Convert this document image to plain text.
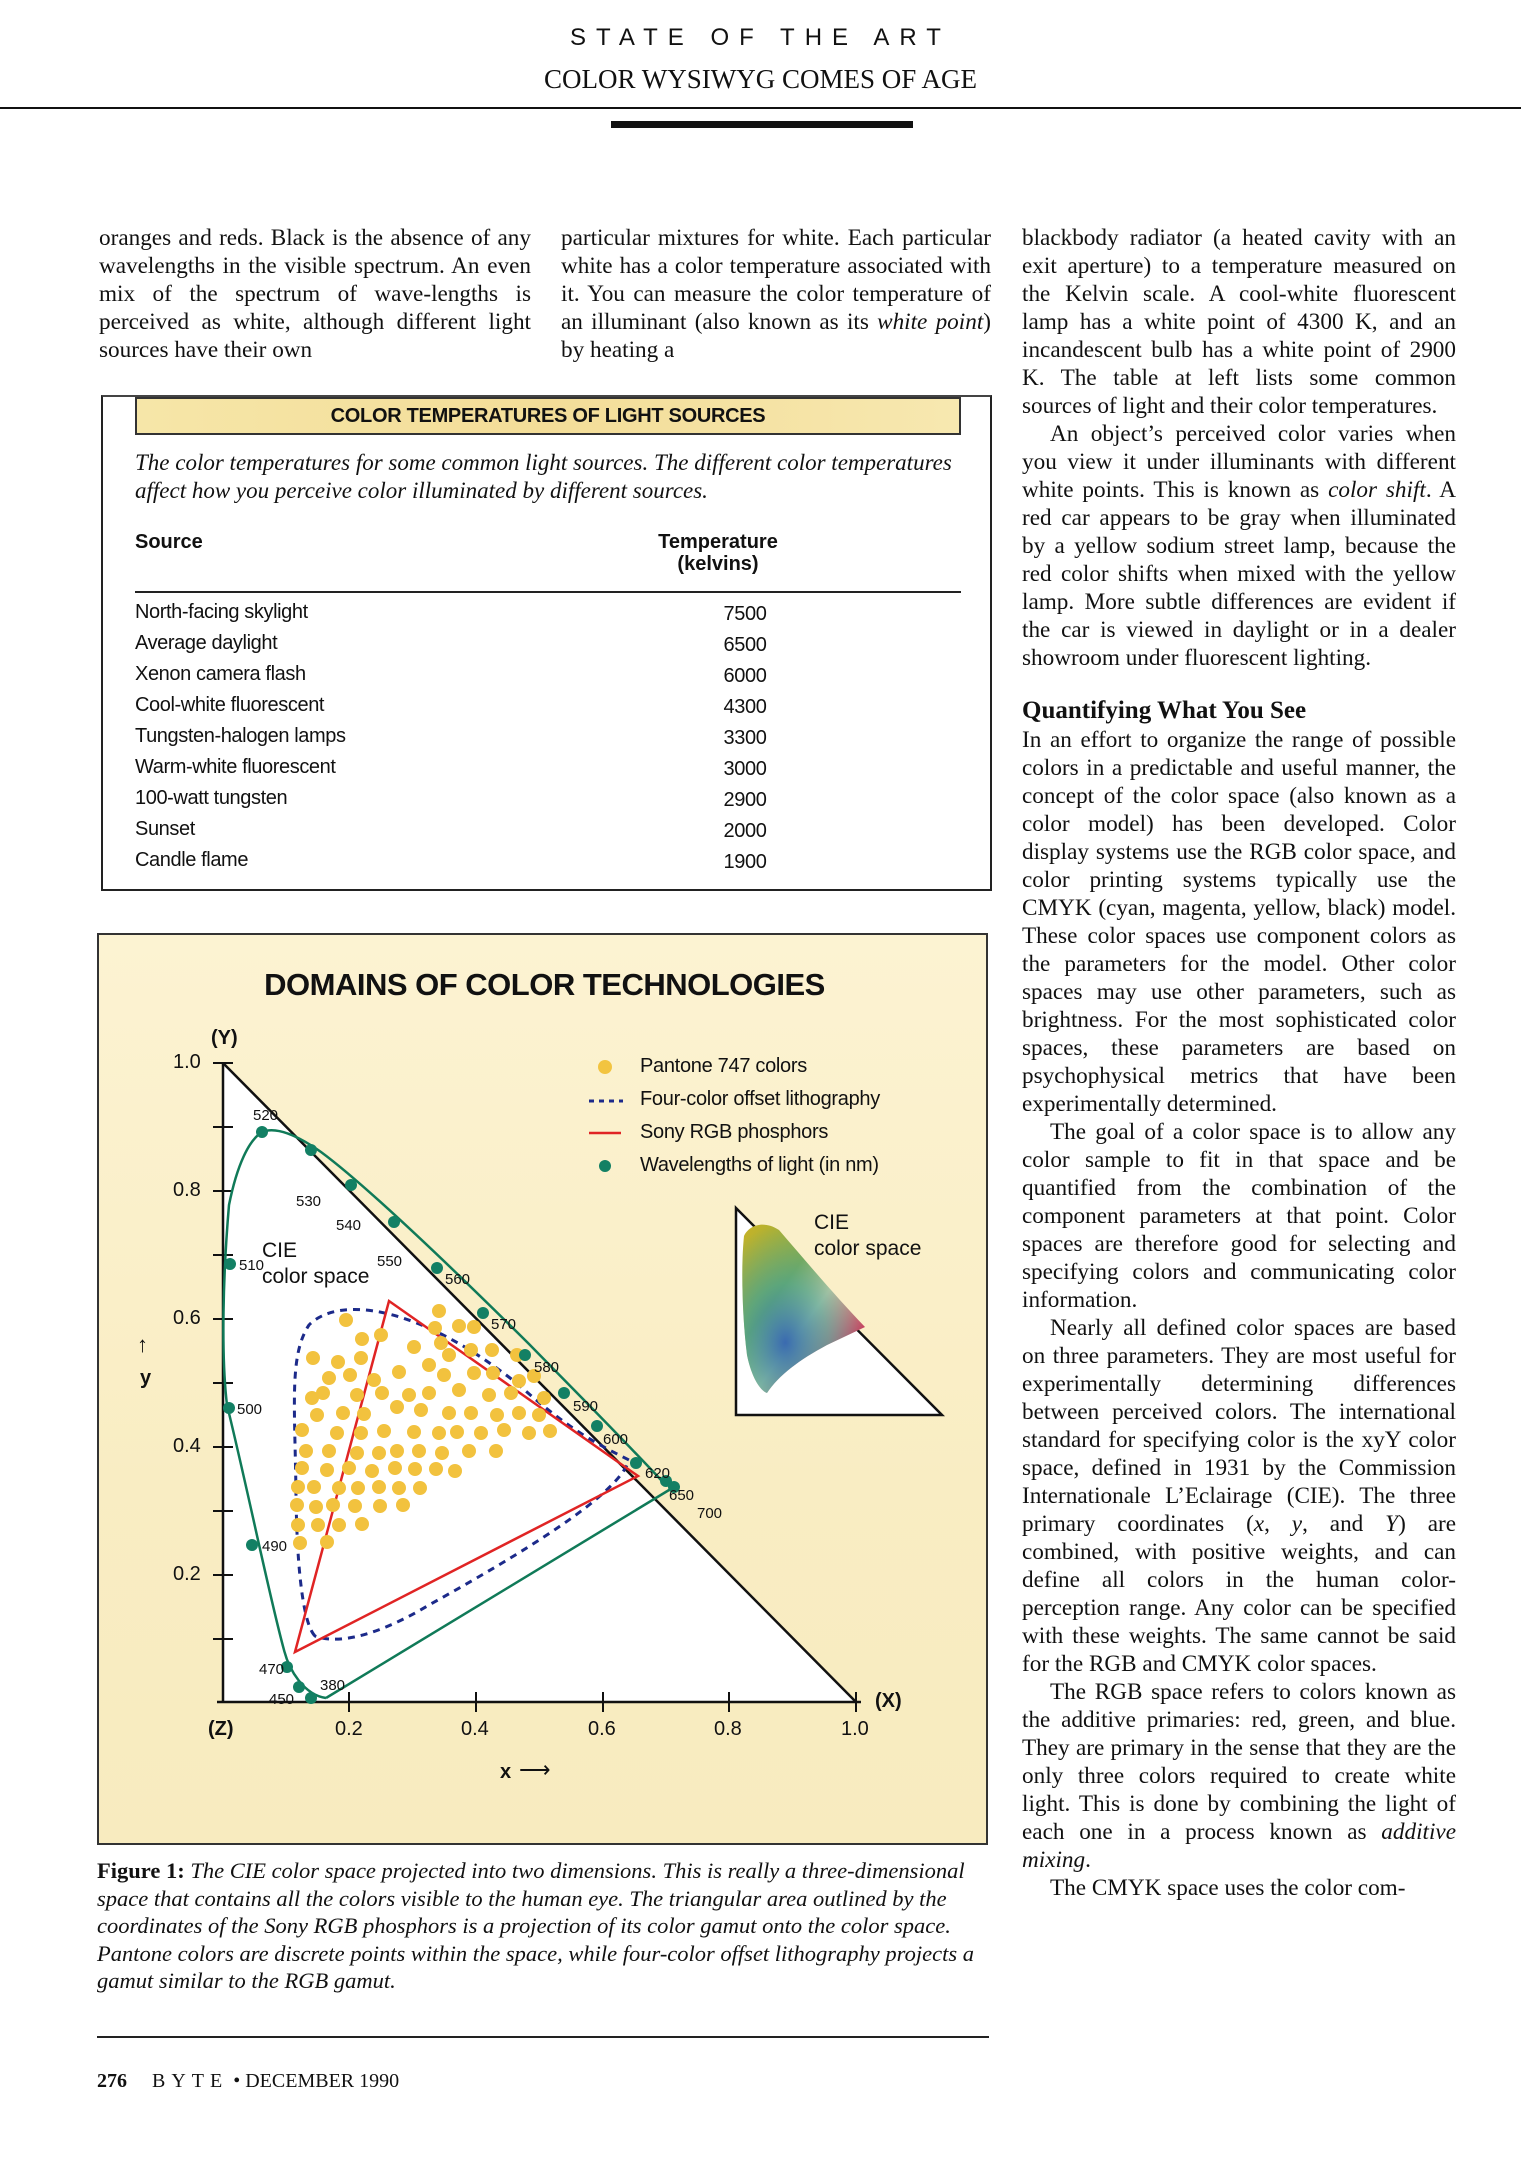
STATE OF THE ART
COLOR WYSIWYG COMES OF AGE

oranges and reds. Black is the absence of any wavelengths in the visible spectrum. An even mix of the spectrum of wave-lengths is perceived as white, although different light sources have their own

particular mixtures for white. Each particular white has a color temperature associated with it. You can measure the color temperature of an illuminant (also known as its white point) by heating a

blackbody radiator (a heated cavity with an exit aperture) to a temperature measured on the Kelvin scale. A cool-white fluorescent lamp has a white point of 4300 K, and an incandescent bulb has a white point of 2900 K. The table at left lists some common sources of light and their color temperatures.

An object’s perceived color varies when you view it under illuminants with different white points. This is known as color shift. A red car appears to be gray when illuminated by a yellow sodium street lamp, because the red color shifts when mixed with the yellow lamp. More subtle differences are evident if the car is viewed in daylight or in a dealer showroom under fluorescent lighting.

Quantifying What You See

In an effort to organize the range of possible colors in a predictable and useful manner, the concept of the color space (also known as a color model) has been developed. Color display systems use the RGB color space, and color printing systems typically use the CMYK (cyan, magenta, yellow, black) model. These color spaces use component colors as the parameters for the model. Other color spaces may use other parameters, such as brightness. For the most sophisticated color spaces, these parameters are based on psychophysical metrics that have been experimentally determined.

The goal of a color space is to allow any color sample to fit in that space and be quantified from the combination of the component parameters at that point. Color spaces are therefore good for selecting and specifying colors and communicating color information.

Nearly all defined color spaces are based on three parameters. They are most useful for experimentally determining differences between perceived colors. The international standard for specifying color is the xyY color space, defined in 1931 by the Commission Internationale L’Eclairage (CIE). The three primary coordinates (x, y, and Y) are combined, with positive weights, and can define all colors in the human color-perception range. Any color can be specified with these weights. The same cannot be said for the RGB and CMYK color spaces.

The RGB space refers to colors known as the additive primaries: red, green, and blue. They are primary in the sense that they are the only three colors required to create white light. This is done by combining the light of each one in a process known as additive mixing.

The CMYK space uses the color com-

COLOR TEMPERATURES OF LIGHT SOURCES
The color temperatures for some common light sources. The different color temperatures affect how you perceive color illuminated by different sources.
Source	Temperature
(kelvins)
North-facing skylight	7500
Average daylight	6500
Xenon camera flash	6000
Cool-white fluorescent	4300
Tungsten-halogen lamps	3300
Warm-white fluorescent	3000
100-watt tungsten	2900
Sunset	2000
Candle flame	1900
DOMAINS OF COLOR TECHNOLOGIES
Pantone 747 colors
Four-color offset lithography
Sony RGB phosphors
Wavelengths of light (in nm)
(Y)
1.0
0.8
0.6
0.4
0.2
↑
y
(Z)	0.2	0.4	0.6	0.8	1.0
(X)
x ⟶
CIE
color space
CIE
color space
380
450
470
490
500
510
520
530
540
550
560
570
580
590
600
620
650
700
Figure 1: The CIE color space projected into two dimensions. This is really a three-dimensional space that contains all the colors visible to the human eye. The triangular area outlined by the coordinates of the Sony RGB phosphors is a projection of its color gamut onto the color space. Pantone colors are discrete points within the space, while four-color offset lithography projects a gamut similar to the RGB gamut.
276 BYTE • DECEMBER 1990
